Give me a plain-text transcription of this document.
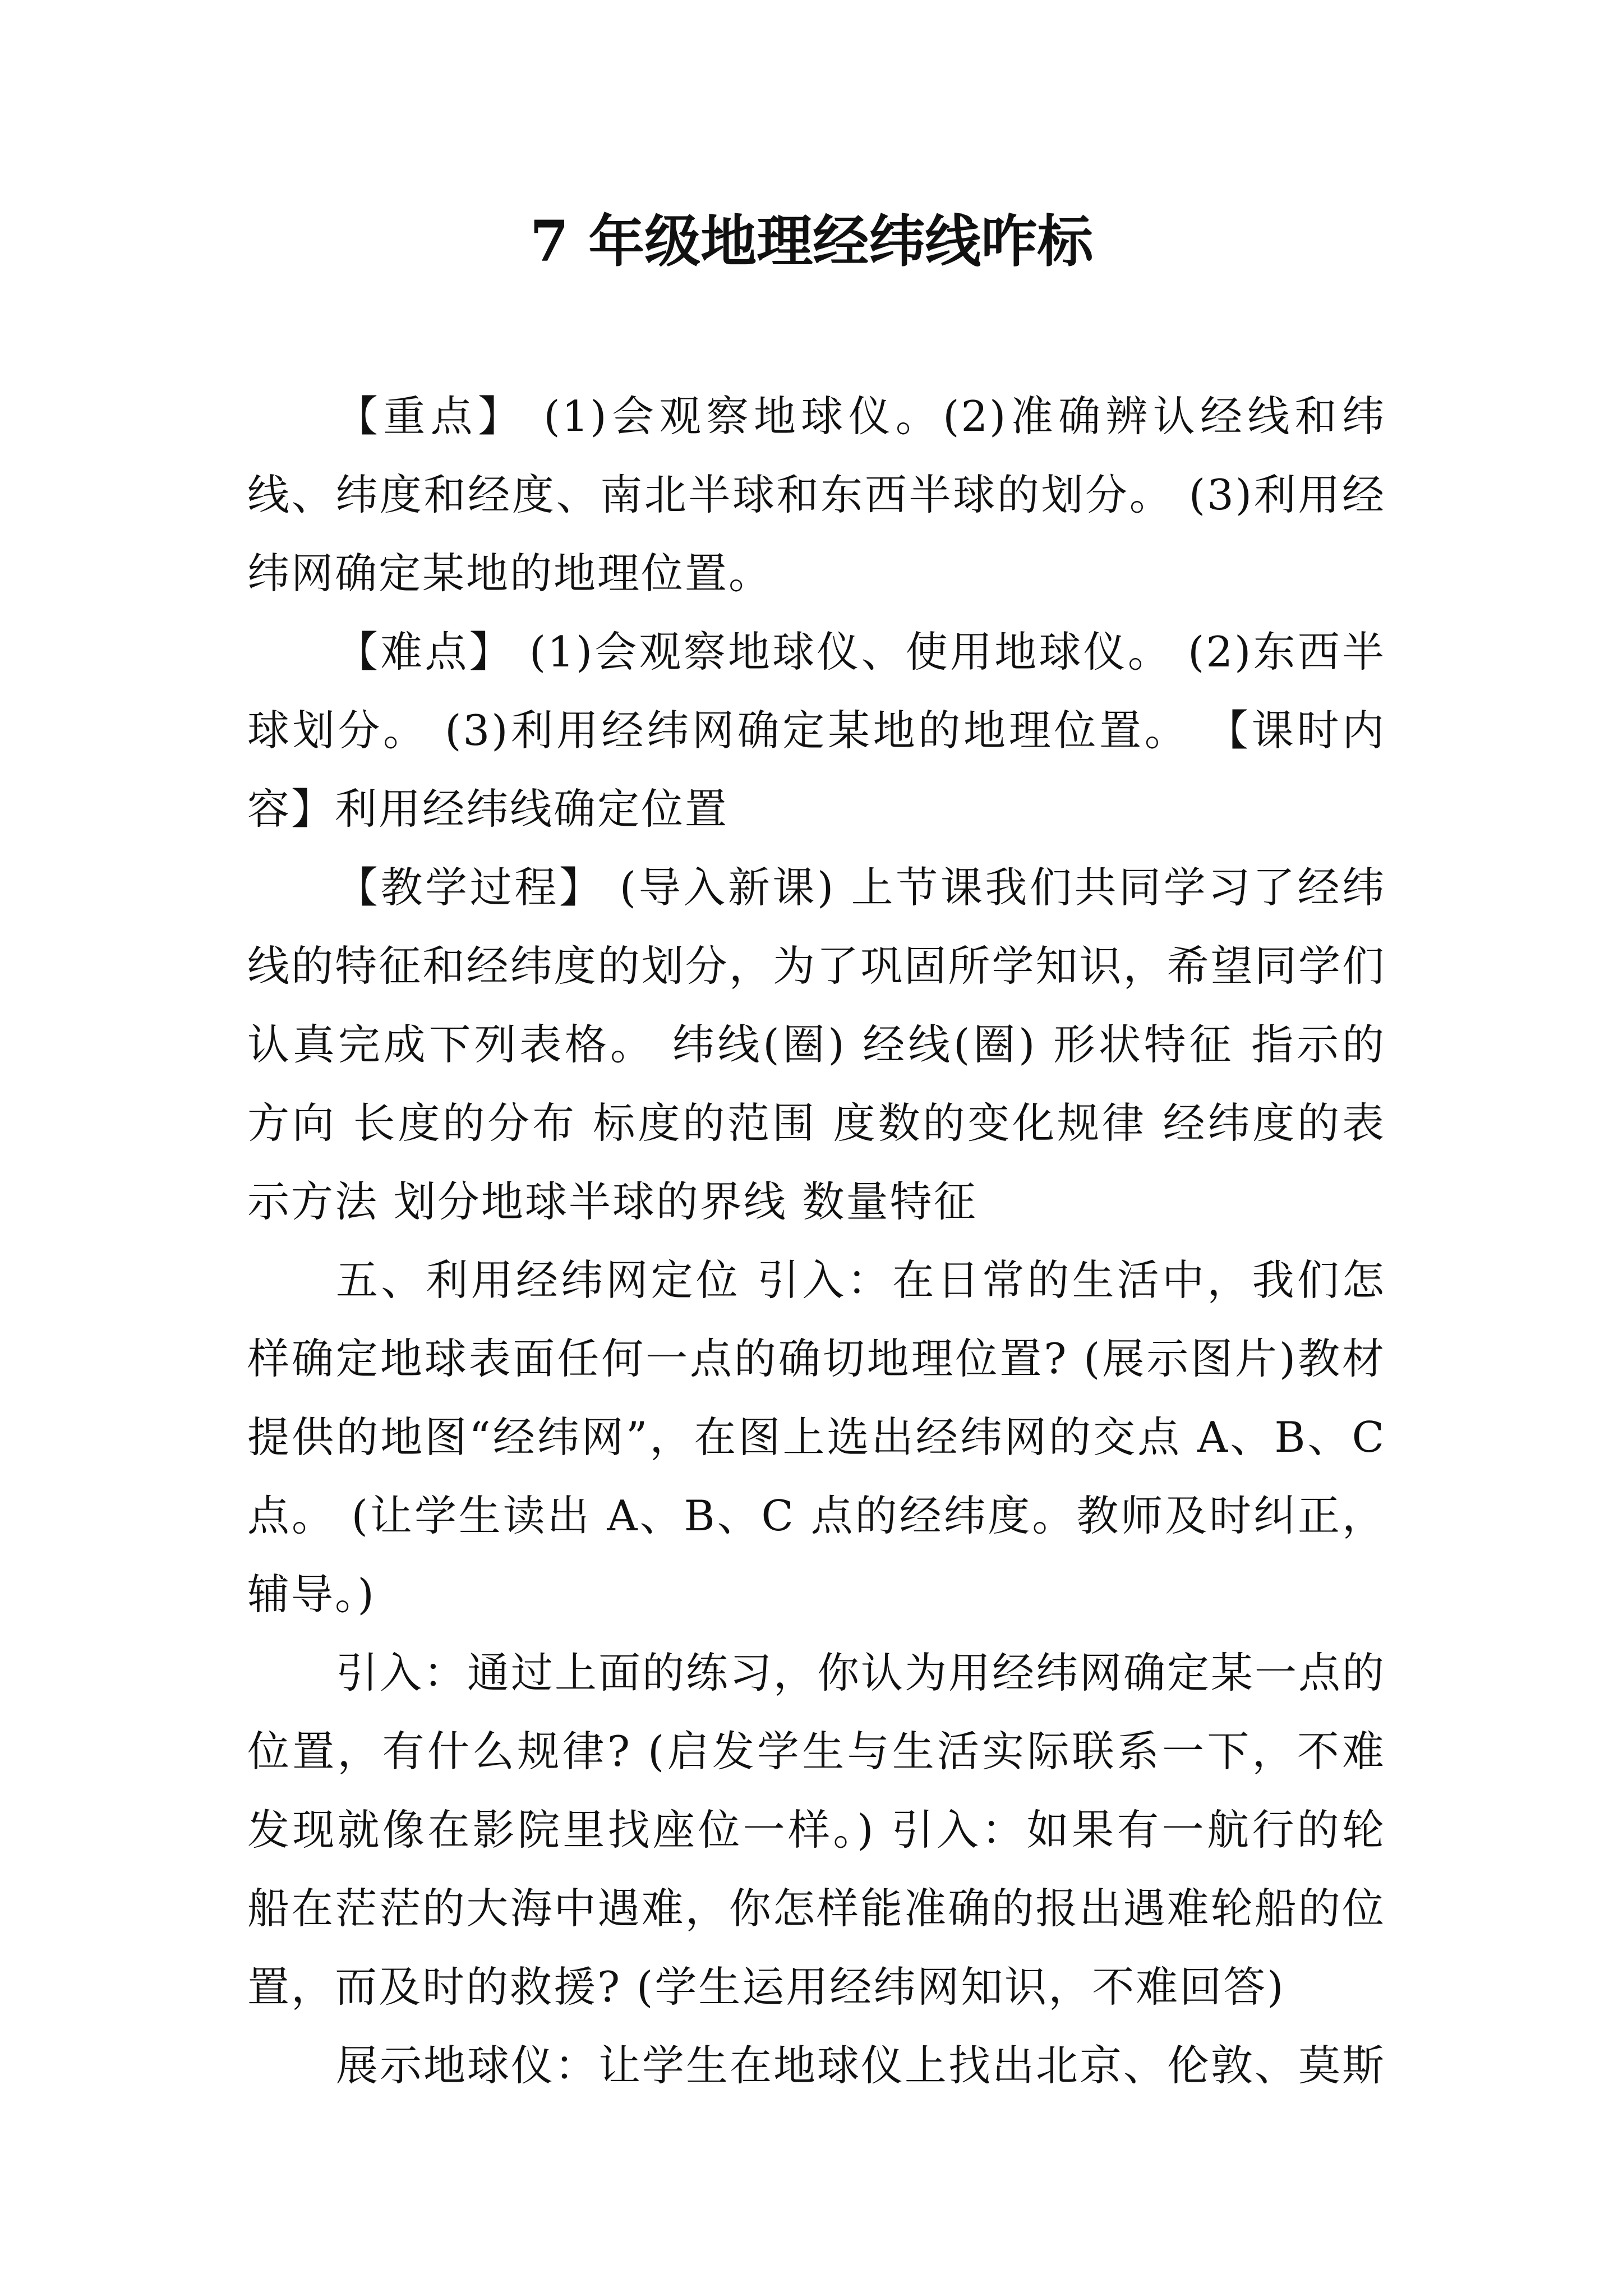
7 年级地理经纬线咋标

【重点】 (1)会观察地球仪。(2)准确辨认经线和纬线、纬度和经度、南北半球和东西半球的划分。 (3)利用经纬网确定某地的地理位置。

【难点】 (1)会观察地球仪、使用地球仪。 (2)东西半球划分。 (3)利用经纬网确定某地的地理位置。 【课时内容】利用经纬线确定位置

【教学过程】 (导入新课) 上节课我们共同学习了经纬线的特征和经纬度的划分，为了巩固所学知识，希望同学们认真完成下列表格。 纬线(圈) 经线(圈) 形状特征 指示的方向 长度的分布 标度的范围 度数的变化规律 经纬度的表示方法 划分地球半球的界线 数量特征

五、利用经纬网定位 引入：在日常的生活中，我们怎样确定地球表面任何一点的确切地理位置? (展示图片)教材提供的地图“经纬网”，在图上选出经纬网的交点 A、B、C 点。 (让学生读出 A、B、C 点的经纬度。教师及时纠正，辅导。)

引入：通过上面的练习，你认为用经纬网确定某一点的位置，有什么规律? (启发学生与生活实际联系一下，不难发现就像在影院里找座位一样。) 引入：如果有一航行的轮船在茫茫的大海中遇难，你怎样能准确的报出遇难轮船的位置，而及时的救援? (学生运用经纬网知识，不难回答)

展示地球仪：让学生在地球仪上找出北京、伦敦、莫斯
